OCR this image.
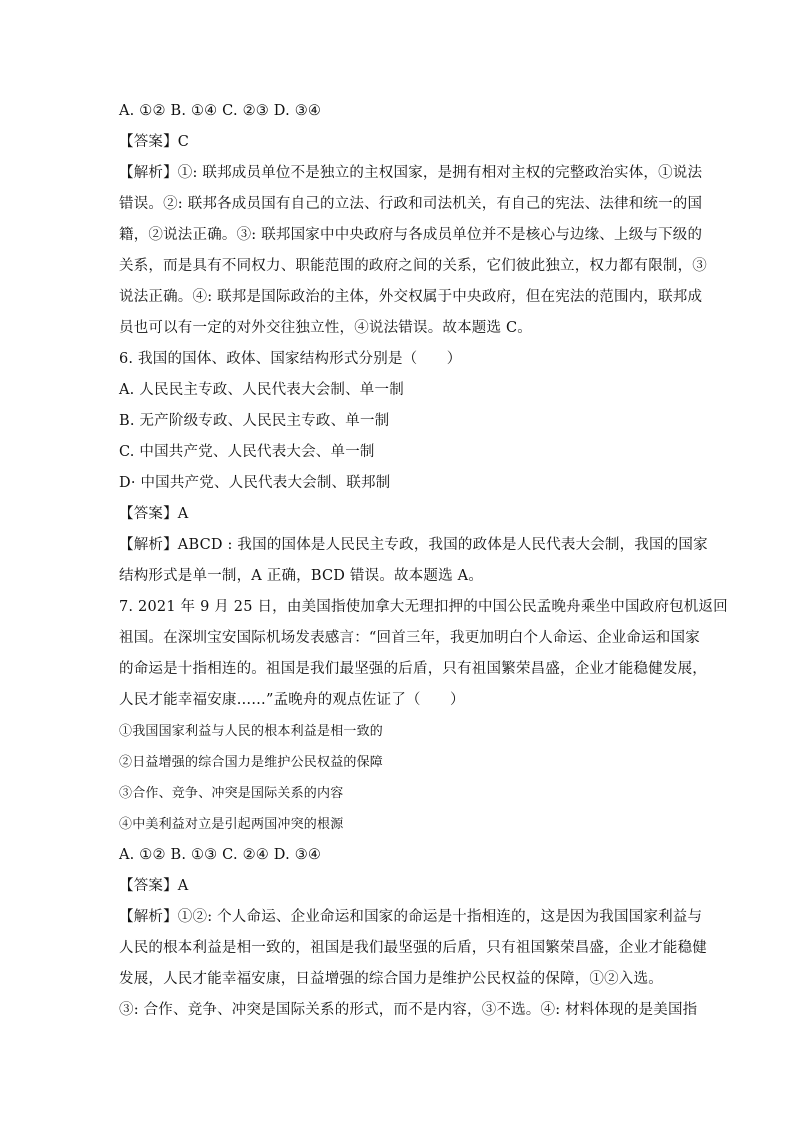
A. ①② B. ①④ C. ②③ D. ③④
【答案】C
【解析】①: 联邦成员单位不是独立的主权国家，是拥有相对主权的完整政治实体，①说法
错误。②: 联邦各成员国有自己的立法、行政和司法机关，有自己的宪法、法律和统一的国
籍，②说法正确。③: 联邦国家中中央政府与各成员单位并不是核心与边缘、上级与下级的
关系，而是具有不同权力、职能范围的政府之间的关系，它们彼此独立，权力都有限制，③
说法正确。④: 联邦是国际政治的主体，外交权属于中央政府，但在宪法的范围内，联邦成
员也可以有一定的对外交往独立性，④说法错误。故本题选 C。
6. 我国的国体、政体、国家结构形式分别是（　　）
A. 人民民主专政、人民代表大会制、单一制
B. 无产阶级专政、人民民主专政、单一制
C. 中国共产党、人民代表大会、单一制
D· 中国共产党、人民代表大会制、联邦制
【答案】A
【解析】ABCD : 我国的国体是人民民主专政，我国的政体是人民代表大会制，我国的国家
结构形式是单一制，A 正确，BCD 错误。故本题选 A。
7. 2021 年 9 月 25 日，由美国指使加拿大无理扣押的中国公民孟晚舟乘坐中国政府包机返回
祖国。在深圳宝安国际机场发表感言：“回首三年，我更加明白个人命运、企业命运和国家
的命运是十指相连的。祖国是我们最坚强的后盾，只有祖国繁荣昌盛，企业才能稳健发展，
人民才能幸福安康……”孟晚舟的观点佐证了（　　）
①我国国家利益与人民的根本利益是相一致的
②日益增强的综合国力是维护公民权益的保障
③合作、竞争、冲突是国际关系的内容
④中美利益对立是引起两国冲突的根源
A. ①② B. ①③ C. ②④ D. ③④
【答案】A
【解析】①②: 个人命运、企业命运和国家的命运是十指相连的，这是因为我国国家利益与
人民的根本利益是相一致的，祖国是我们最坚强的后盾，只有祖国繁荣昌盛，企业才能稳健
发展，人民才能幸福安康，日益增强的综合国力是维护公民权益的保障，①②入选。
③: 合作、竞争、冲突是国际关系的形式，而不是内容，③不选。④: 材料体现的是美国指
